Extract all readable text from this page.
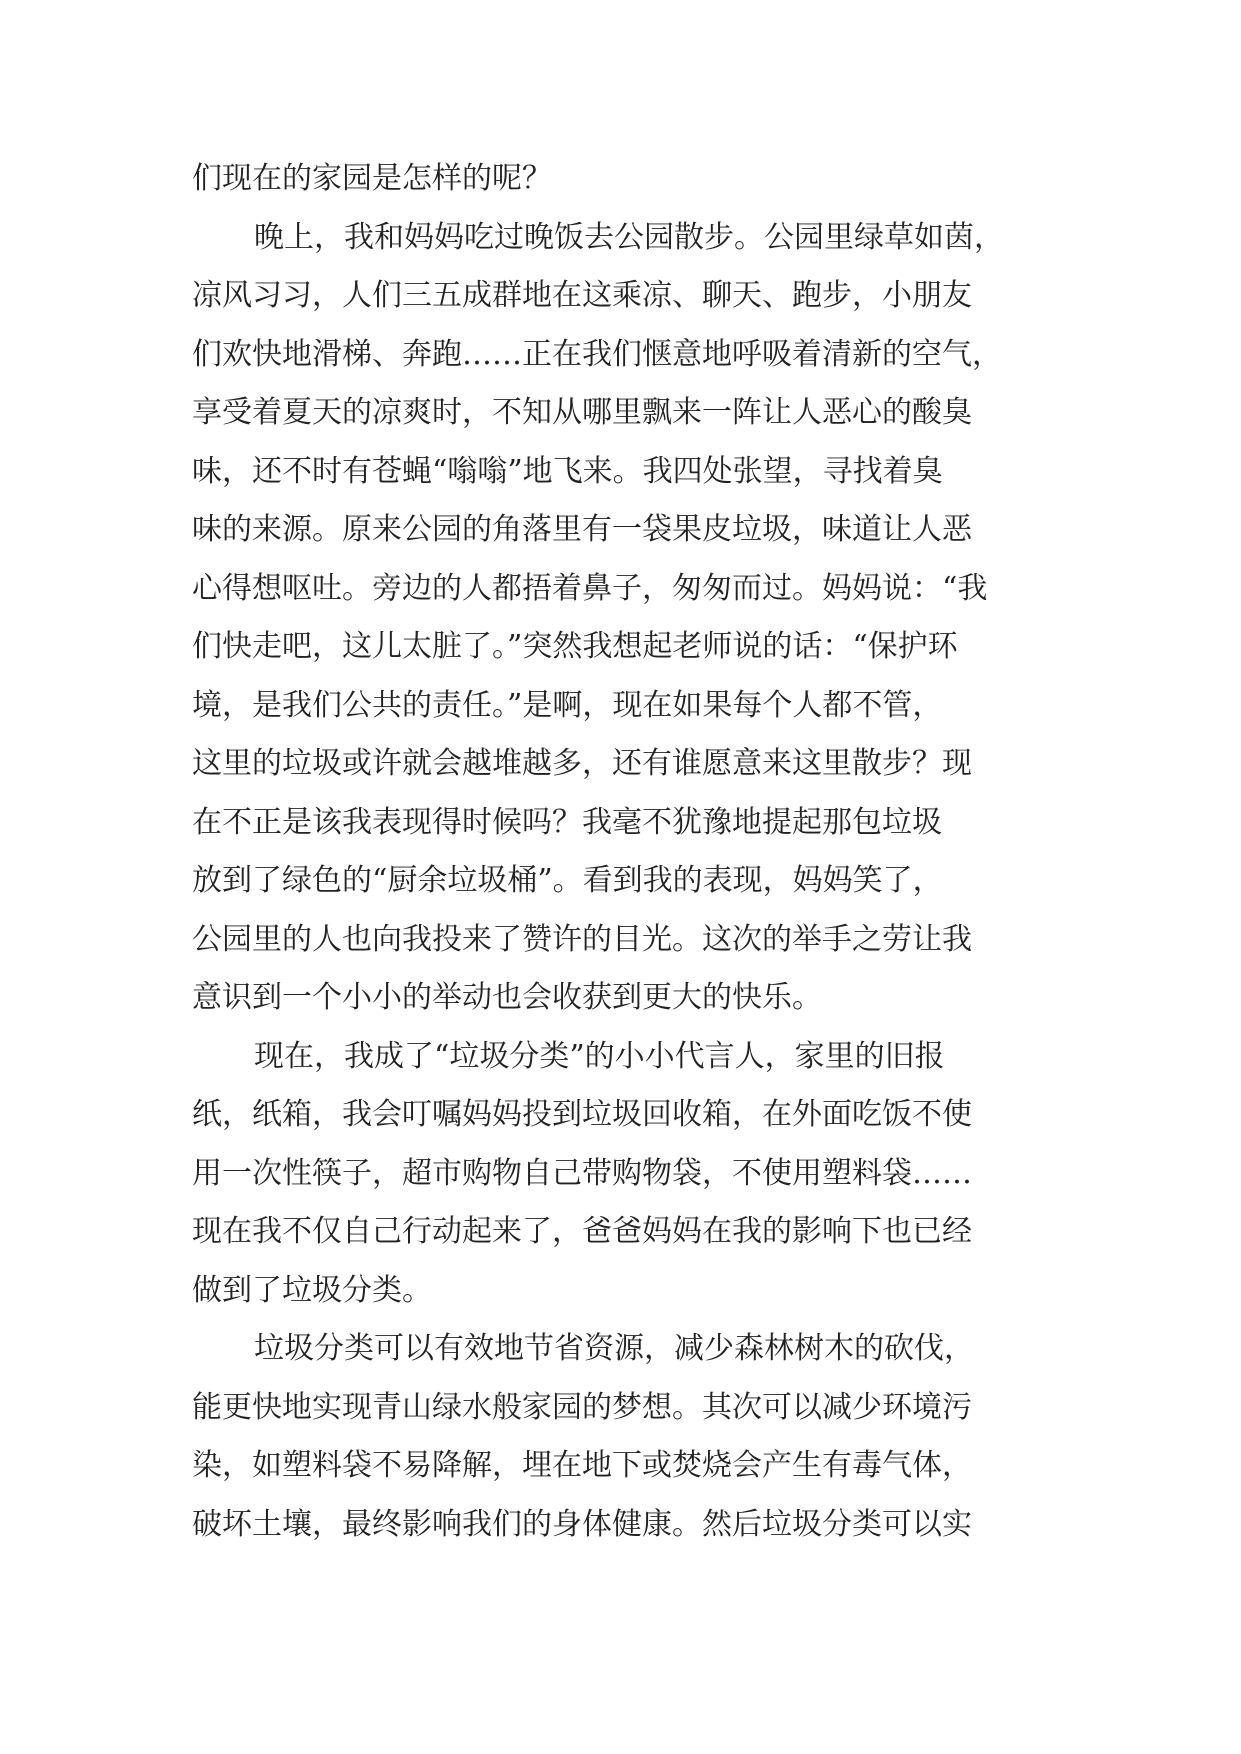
们现在的家园是怎样的呢？
晚上，我和妈妈吃过晚饭去公园散步。公园里绿草如茵，
凉风习习，人们三五成群地在这乘凉、聊天、跑步，小朋友
们欢快地滑梯、奔跑……正在我们惬意地呼吸着清新的空气，
享受着夏天的凉爽时，不知从哪里飘来一阵让人恶心的酸臭
味，还不时有苍蝇“嗡嗡”地飞来。我四处张望，寻找着臭
味的来源。原来公园的角落里有一袋果皮垃圾，味道让人恶
心得想呕吐。旁边的人都捂着鼻子，匆匆而过。妈妈说：“我
们快走吧，这儿太脏了。”突然我想起老师说的话：“保护环
境，是我们公共的责任。”是啊，现在如果每个人都不管，
这里的垃圾或许就会越堆越多，还有谁愿意来这里散步？现
在不正是该我表现得时候吗？我毫不犹豫地提起那包垃圾
放到了绿色的“厨余垃圾桶”。看到我的表现，妈妈笑了，
公园里的人也向我投来了赞许的目光。这次的举手之劳让我
意识到一个小小的举动也会收获到更大的快乐。
现在，我成了“垃圾分类”的小小代言人，家里的旧报
纸，纸箱，我会叮嘱妈妈投到垃圾回收箱，在外面吃饭不使
用一次性筷子，超市购物自己带购物袋，不使用塑料袋……
现在我不仅自己行动起来了，爸爸妈妈在我的影响下也已经
做到了垃圾分类。
垃圾分类可以有效地节省资源，减少森林树木的砍伐，
能更快地实现青山绿水般家园的梦想。其次可以减少环境污
染，如塑料袋不易降解，埋在地下或焚烧会产生有毒气体，
破坏土壤，最终影响我们的身体健康。然后垃圾分类可以实
